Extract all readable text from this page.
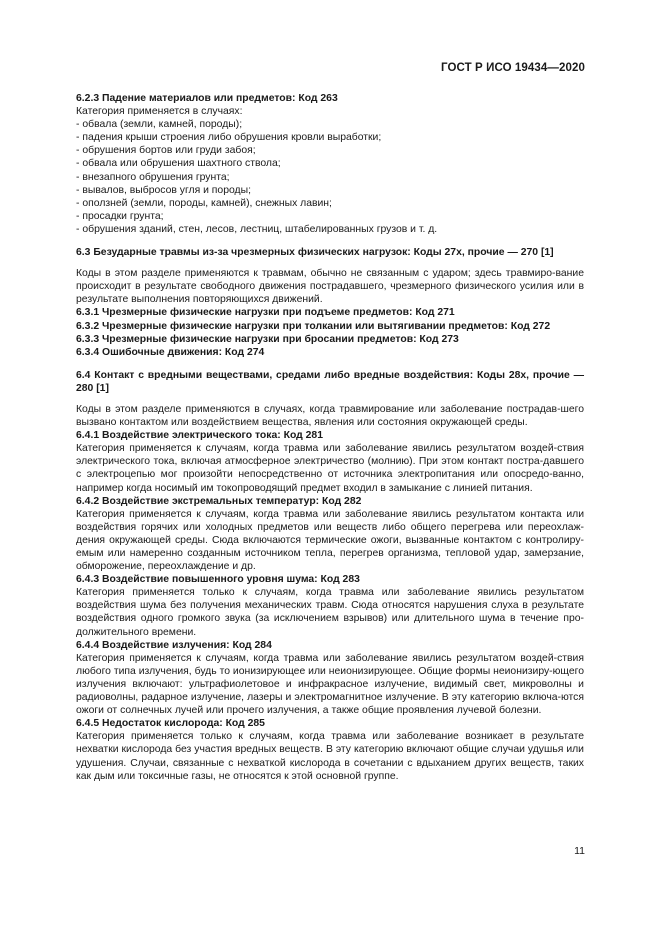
ГОСТ Р ИСО 19434—2020

6.2.3 Падение материалов или предметов: Код 263

Категория применяется в случаях:

- обвала (земли, камней, породы);
- падения крыши строения либо обрушения кровли выработки;
- обрушения бортов или груди забоя;
- обвала или обрушения шахтного ствола;
- внезапного обрушения грунта;
- вывалов, выбросов угля и породы;
- оползней (земли, породы, камней), снежных лавин;
- просадки грунта;
- обрушения зданий, стен, лесов, лестниц, штабелированных грузов и т. д.

6.3 Безударные травмы из-за чрезмерных физических нагрузок: Коды 27х, прочие — 270 [1]

Коды в этом разделе применяются к травмам, обычно не связанным с ударом; здесь травмиро-вание происходит в результате свободного движения пострадавшего, чрезмерного физического усилия или в результате выполнения повторяющихся движений.

6.3.1 Чрезмерные физические нагрузки при подъеме предметов: Код 271

6.3.2 Чрезмерные физические нагрузки при толкании или вытягивании предметов: Код 272

6.3.3 Чрезмерные физические нагрузки при бросании предметов: Код 273

6.3.4 Ошибочные движения: Код 274

6.4 Контакт с вредными веществами, средами либо вредные воздействия: Коды 28х, прочие — 280 [1]

Коды в этом разделе применяются в случаях, когда травмирование или заболевание пострадав-шего вызвано контактом или воздействием вещества, явления или состояния окружающей среды.

6.4.1 Воздействие электрического тока: Код 281

Категория применяется к случаям, когда травма или заболевание явились результатом воздей-ствия электрического тока, включая атмосферное электричество (молнию). При этом контакт постра-давшего с электроцепью мог произойти непосредственно от источника электропитания или опосредо-ванно, например когда носимый им токопроводящий предмет входил в замыкание с линией питания.

6.4.2 Воздействие экстремальных температур: Код 282

Категория применяется к случаям, когда травма или заболевание явились результатом контакта или воздействия горячих или холодных предметов или веществ либо общего перегрева или переохлаж-дения окружающей среды. Сюда включаются термические ожоги, вызванные контактом с контролиру-емым или намеренно созданным источником тепла, перегрев организма, тепловой удар, замерзание, обморожение, переохлаждение и др.

6.4.3 Воздействие повышенного уровня шума: Код 283

Категория применяется только к случаям, когда травма или заболевание явились результатом воздействия шума без получения механических травм. Сюда относятся нарушения слуха в результате воздействия одного громкого звука (за исключением взрывов) или длительного шума в течение про-должительного времени.

6.4.4 Воздействие излучения: Код 284

Категория применяется к случаям, когда травма или заболевание явились результатом воздей-ствия любого типа излучения, будь то ионизирующее или неионизирующее. Общие формы неионизиру-ющего излучения включают: ультрафиолетовое и инфракрасное излучение, видимый свет, микроволны и радиоволны, радарное излучение, лазеры и электромагнитное излучение. В эту категорию включа-ются ожоги от солнечных лучей или прочего излучения, а также общие проявления лучевой болезни.

6.4.5 Недостаток кислорода: Код 285

Категория применяется только к случаям, когда травма или заболевание возникает в результате нехватки кислорода без участия вредных веществ. В эту категорию включают общие случаи удушья или удушения. Случаи, связанные с нехваткой кислорода в сочетании с вдыханием других веществ, таких как дым или токсичные газы, не относятся к этой основной группе.

11
